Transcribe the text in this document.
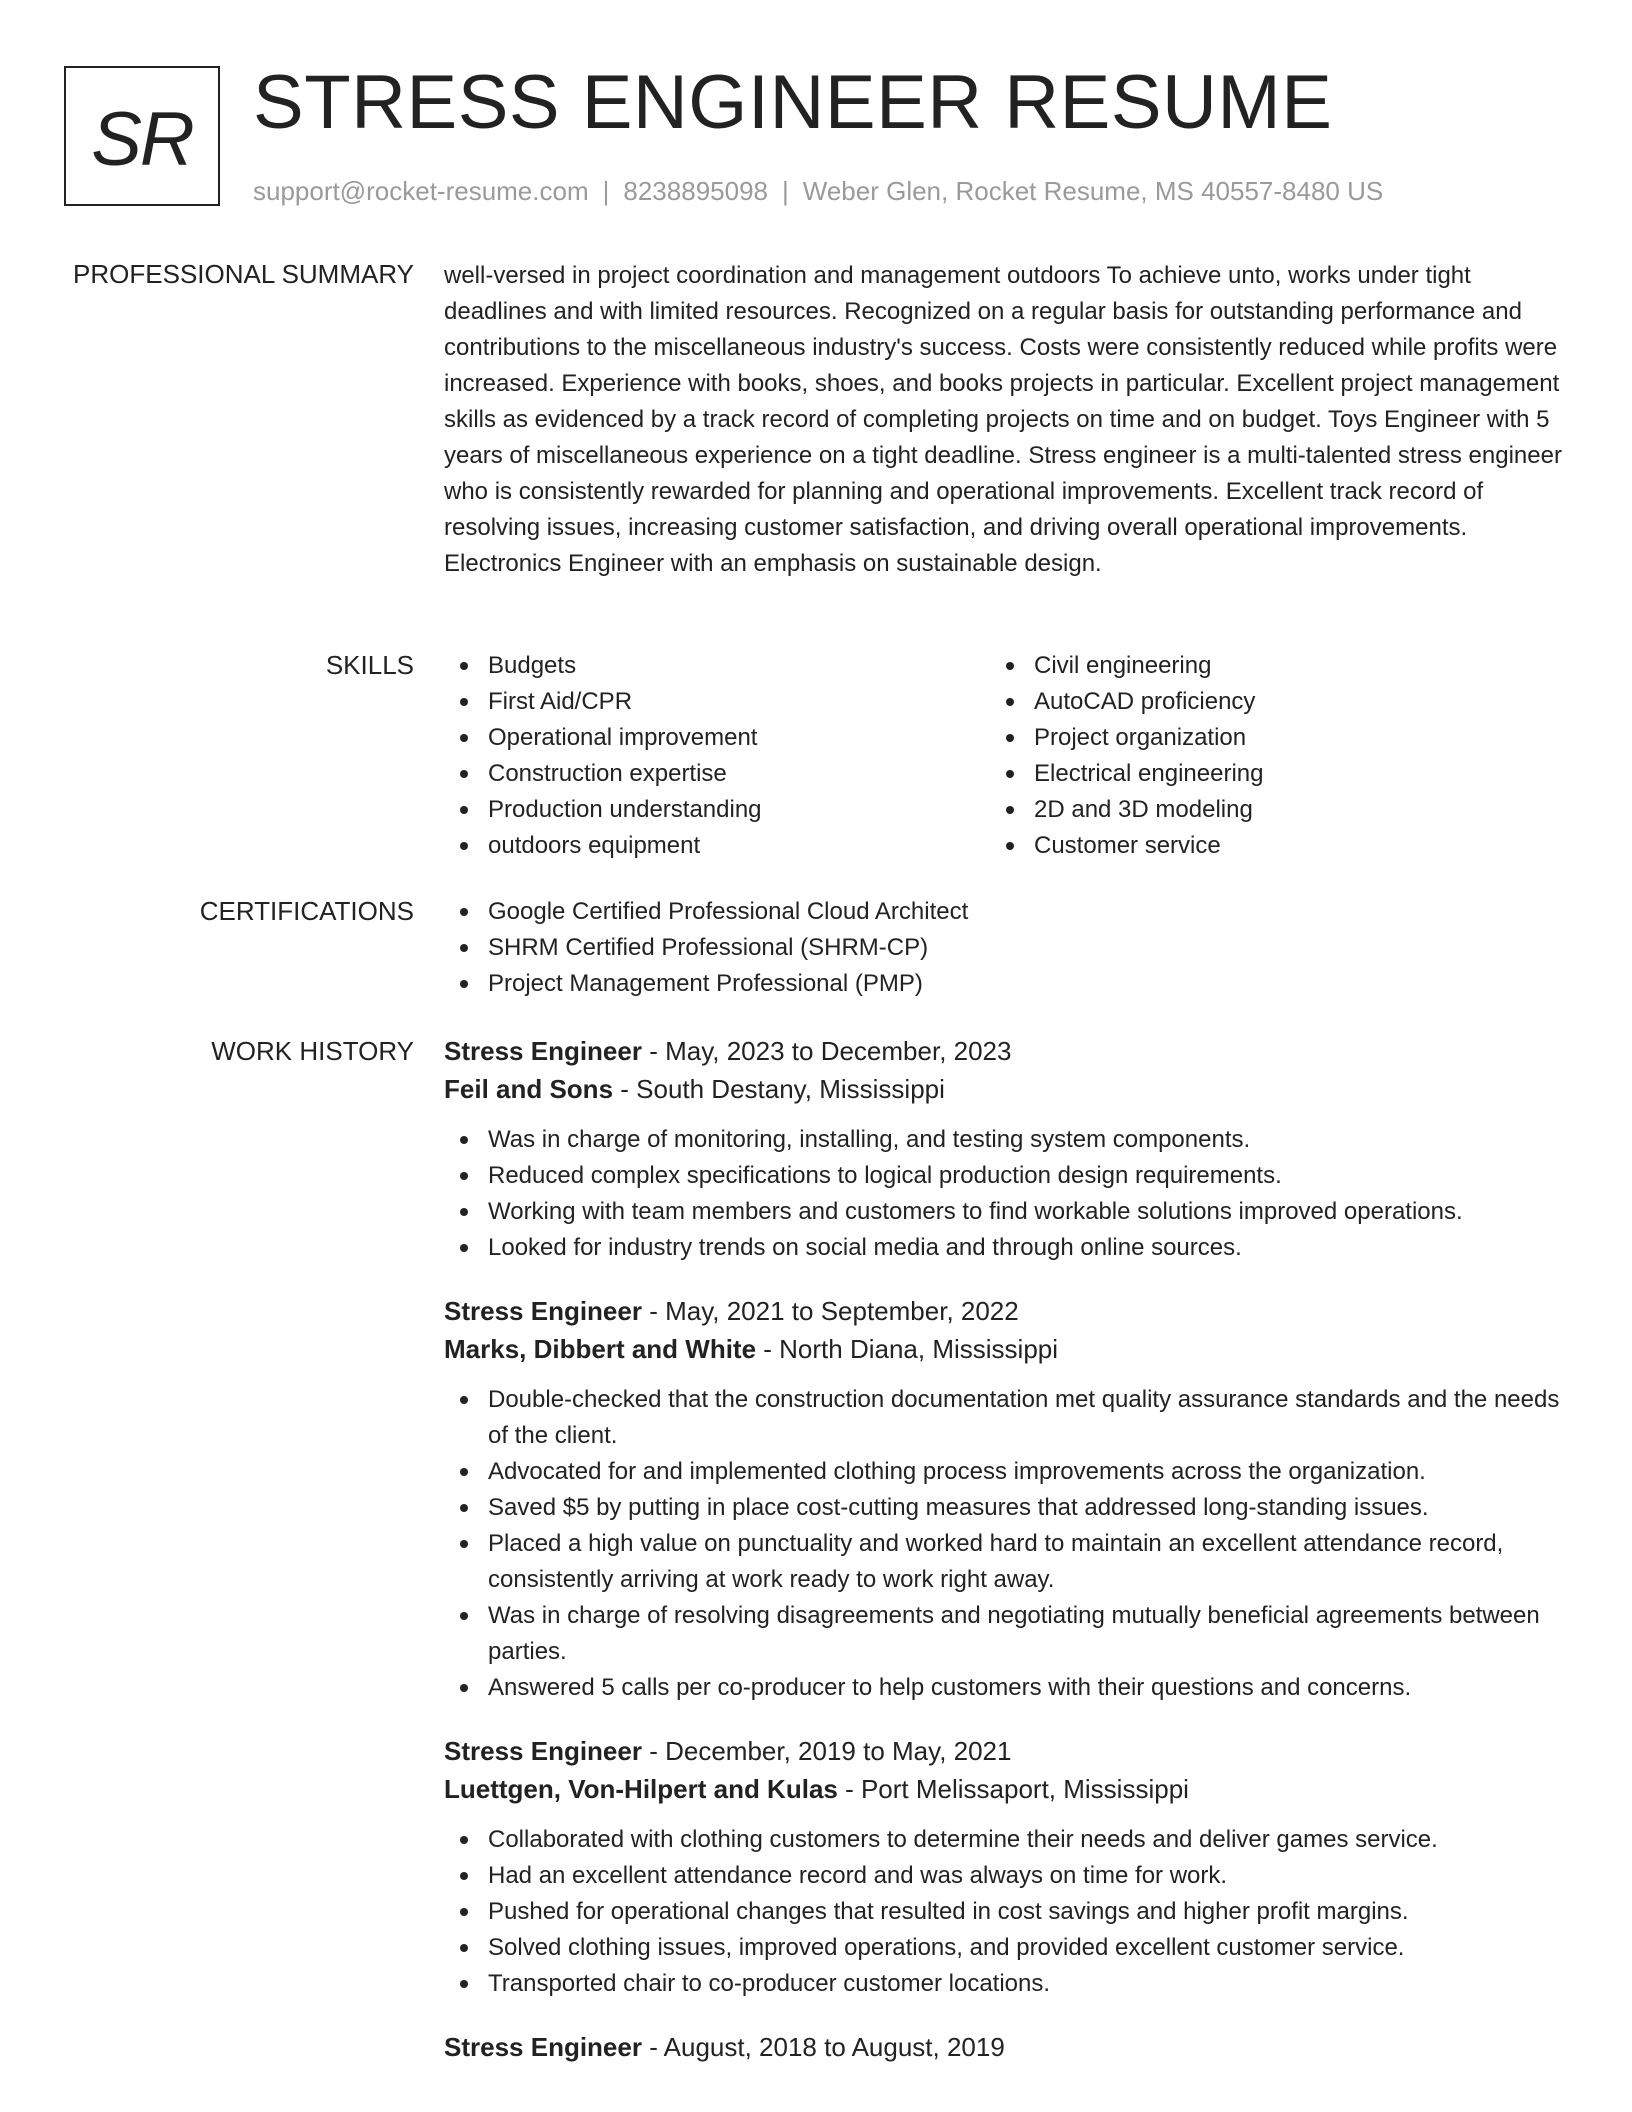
SR STRESS ENGINEER RESUME
support@rocket-resume.com | 8238895098 | Weber Glen, Rocket Resume, MS 40557-8480 US
PROFESSIONAL SUMMARY well-versed in project coordination and management outdoors To achieve unto, works under tight deadlines and with limited resources. Recognized on a regular basis for outstanding performance and contributions to the miscellaneous industry's success. Costs were consistently reduced while profits were increased. Experience with books, shoes, and books projects in particular. Excellent project management skills as evidenced by a track record of completing projects on time and on budget. Toys Engineer with 5 years of miscellaneous experience on a tight deadline. Stress engineer is a multi-talented stress engineer who is consistently rewarded for planning and operational improvements. Excellent track record of resolving issues, increasing customer satisfaction, and driving overall operational improvements. Electronics Engineer with an emphasis on sustainable design.

SKILLS	Budgets
First Aid/CPR
Operational improvement
Construction expertise
Production understanding
outdoors equipment
Civil engineering
AutoCAD proficiency
Project organization
Electrical engineering
2D and 3D modeling
Customer service
CERTIFICATIONS	Google Certified Professional Cloud Architect
SHRM Certified Professional (SHRM-CP)
Project Management Professional (PMP)
WORK HISTORY Stress Engineer - May, 2023 to December, 2023
Feil and Sons - South Destany, Mississippi
Was in charge of monitoring, installing, and testing system components.
Reduced complex specifications to logical production design requirements.
Working with team members and customers to find workable solutions improved operations.
Looked for industry trends on social media and through online sources.
Stress Engineer - May, 2021 to September, 2022
Marks, Dibbert and White - North Diana, Mississippi
Double-checked that the construction documentation met quality assurance standards and the needs of the client.
Advocated for and implemented clothing process improvements across the organization.
Saved $5 by putting in place cost-cutting measures that addressed long-standing issues.
Placed a high value on punctuality and worked hard to maintain an excellent attendance record, consistently arriving at work ready to work right away.
Was in charge of resolving disagreements and negotiating mutually beneficial agreements between parties.
Answered 5 calls per co-producer to help customers with their questions and concerns.
Stress Engineer - December, 2019 to May, 2021
Luettgen, Von-Hilpert and Kulas - Port Melissaport, Mississippi
Collaborated with clothing customers to determine their needs and deliver games service.
Had an excellent attendance record and was always on time for work.
Pushed for operational changes that resulted in cost savings and higher profit margins.
Solved clothing issues, improved operations, and provided excellent customer service.
Transported chair to co-producer customer locations.
Stress Engineer - August, 2018 to August, 2019
